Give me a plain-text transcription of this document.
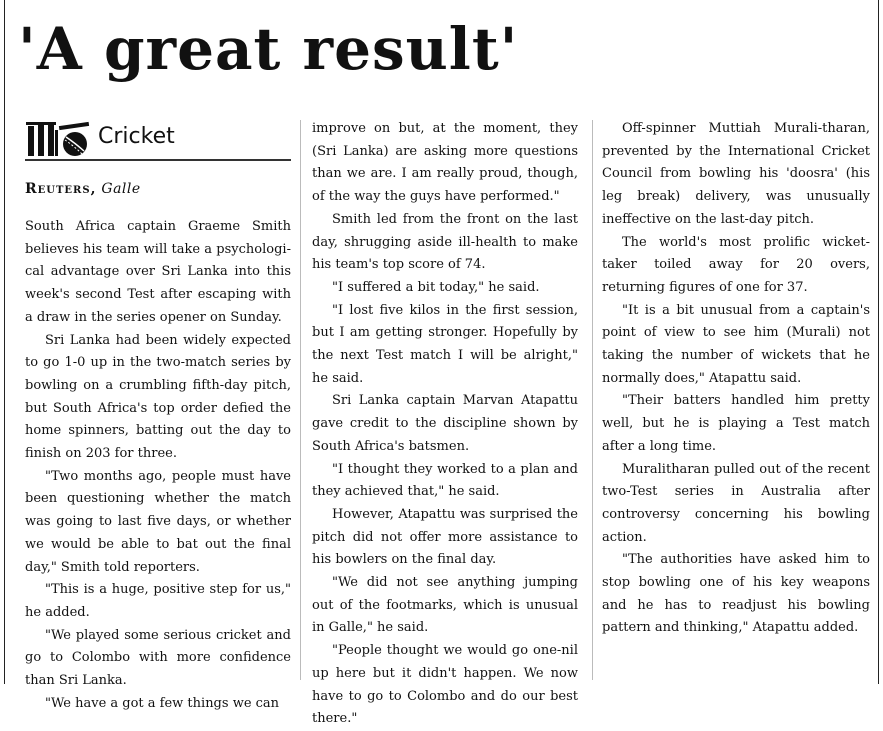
'A great result'
Cricket
Reuters, Galle

South Africa captain Graeme Smith believes his team will take a psychological advantage over Sri Lanka into this week's second Test after escaping with a draw in the series opener on Sunday.

Sri Lanka had been widely expected to go 1-0 up in the two-match series by bowling on a crumbling fifth-day pitch, but South Africa's top order defied the home spinners, batting out the day to finish on 203 for three.

"Two months ago, people must have been questioning whether the match was going to last five days, or whether we would be able to bat out the final day," Smith told reporters.

"This is a huge, positive step for us," he added.

"We played some serious cricket and go to Colombo with more confidence than Sri Lanka.

"We have a got a few things we can

improve on but, at the moment, they (Sri Lanka) are asking more questions than we are. I am really proud, though, of the way the guys have performed."

Smith led from the front on the last day, shrugging aside ill-health to make his team's top score of 74.

"I suffered a bit today," he said.

"I lost five kilos in the first session, but I am getting stronger. Hopefully by the next Test match I will be alright," he said.

Sri Lanka captain Marvan Atapattu gave credit to the discipline shown by South Africa's batsmen.

"I thought they worked to a plan and they achieved that," he said.

However, Atapattu was surprised the pitch did not offer more assistance to his bowlers on the final day.

"We did not see anything jumping out of the footmarks, which is unusual in Galle," he said.

"People thought we would go one-nil up here but it didn't happen. We now have to go to Colombo and do our best there."

Off-spinner Muttiah Murali-tharan, prevented by the International Cricket Council from bowling his 'doosra' (his leg break) delivery, was unusually ineffective on the last-day pitch.

The world's most prolific wicket-taker toiled away for 20 overs, returning figures of one for 37.

"It is a bit unusual from a captain's point of view to see him (Murali) not taking the number of wickets that he normally does," Atapattu said.

"Their batters handled him pretty well, but he is playing a Test match after a long time.

Muralitharan pulled out of the recent two-Test series in Australia after controversy concerning his bowling action.

"The authorities have asked him to stop bowling one of his key weapons and he has to readjust his bowling pattern and thinking," Atapattu added.
